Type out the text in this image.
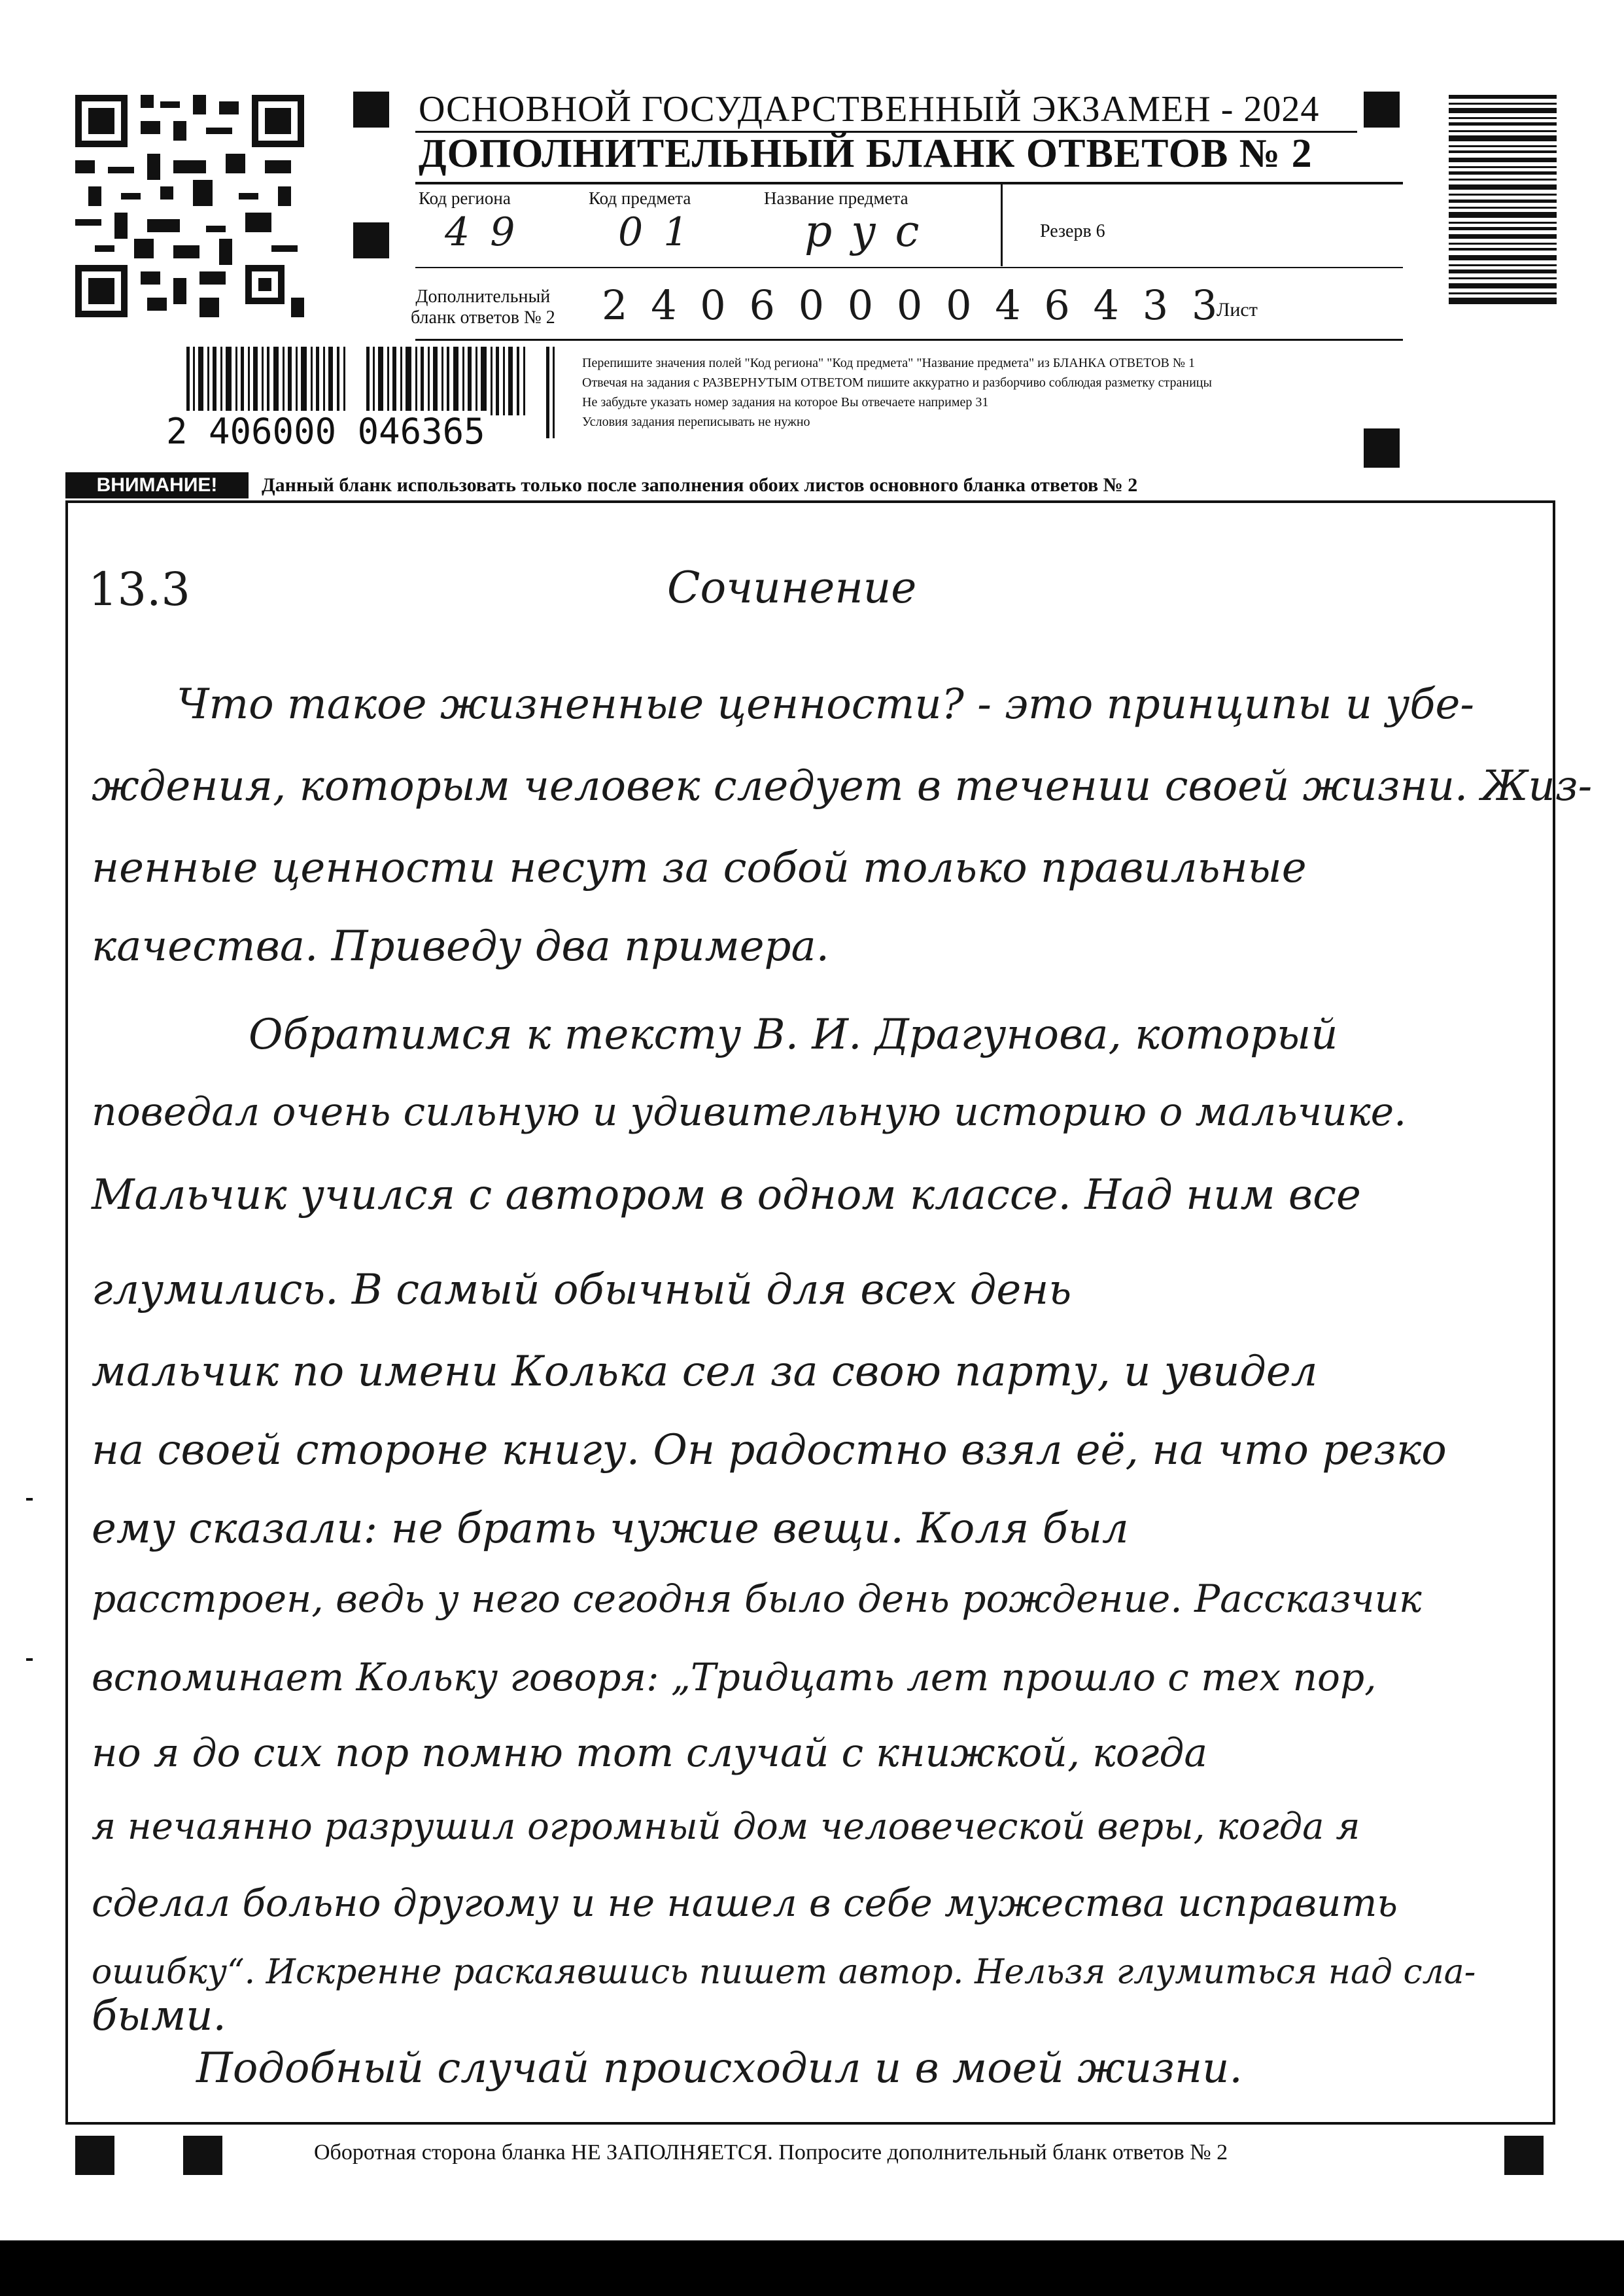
ОСНОВНОЙ ГОСУДАРСТВЕННЫЙ ЭКЗАМЕН - 2024
ДОПОЛНИТЕЛЬНЫЙ БЛАНК ОТВЕТОВ № 2
Код региона
4 9
Код предмета
0 1
Название предмета
р у с	Резерв 6
Дополнительный
бланк ответов № 2 2 4 0 6 0 0 0 0 4 6 4 3 3
Лист
2 406000 046365
Перепишите значения полей "Код региона" "Код предмета" "Название предмета" из БЛАНКА ОТВЕТОВ № 1
Отвечая на задания с РАЗВЕРНУТЫМ ОТВЕТОМ пишите аккуратно и разборчиво соблюдая разметку страницы
Не забудьте указать номер задания на которое Вы отвечаете например 31
Условия задания переписывать не нужно
ВНИМАНИЕ!	Данный бланк использовать только после заполнения обоих листов основного бланка ответов № 2
13.3	Сочинение
Что такое жизненные ценности? - это принципы и убе-
ждения, которым человек следует в течении своей жизни. Жиз-
ненные ценности несут за собой только правильные
качества. Приведу два примера.
Обратимся к тексту В. И. Драгунова, который
поведал очень сильную и удивительную историю о мальчике.
Мальчик учился с автором в одном классе. Над ним все
глумились. В самый обычный для всех день
мальчик по имени Колька сел за свою парту, и увидел
на своей стороне книгу. Он радостно взял её, на что резко
ему сказали: не брать чужие вещи. Коля был
расстроен, ведь у него сегодня было день рождение. Рассказчик
вспоминает Кольку говоря: „Тридцать лет прошло с тех пор,
но я до сих пор помню тот случай с книжкой, когда
я нечаянно разрушил огромный дом человеческой веры, когда я
сделал больно другому и не нашел в себе мужества исправить
ошибку“. Искренне раскаявшись пишет автор. Нельзя глумиться над сла-
быми.
Подобный случай происходил и в моей жизни.
Оборотная сторона бланка НЕ ЗАПОЛНЯЕТСЯ. Попросите дополнительный бланк ответов № 2
